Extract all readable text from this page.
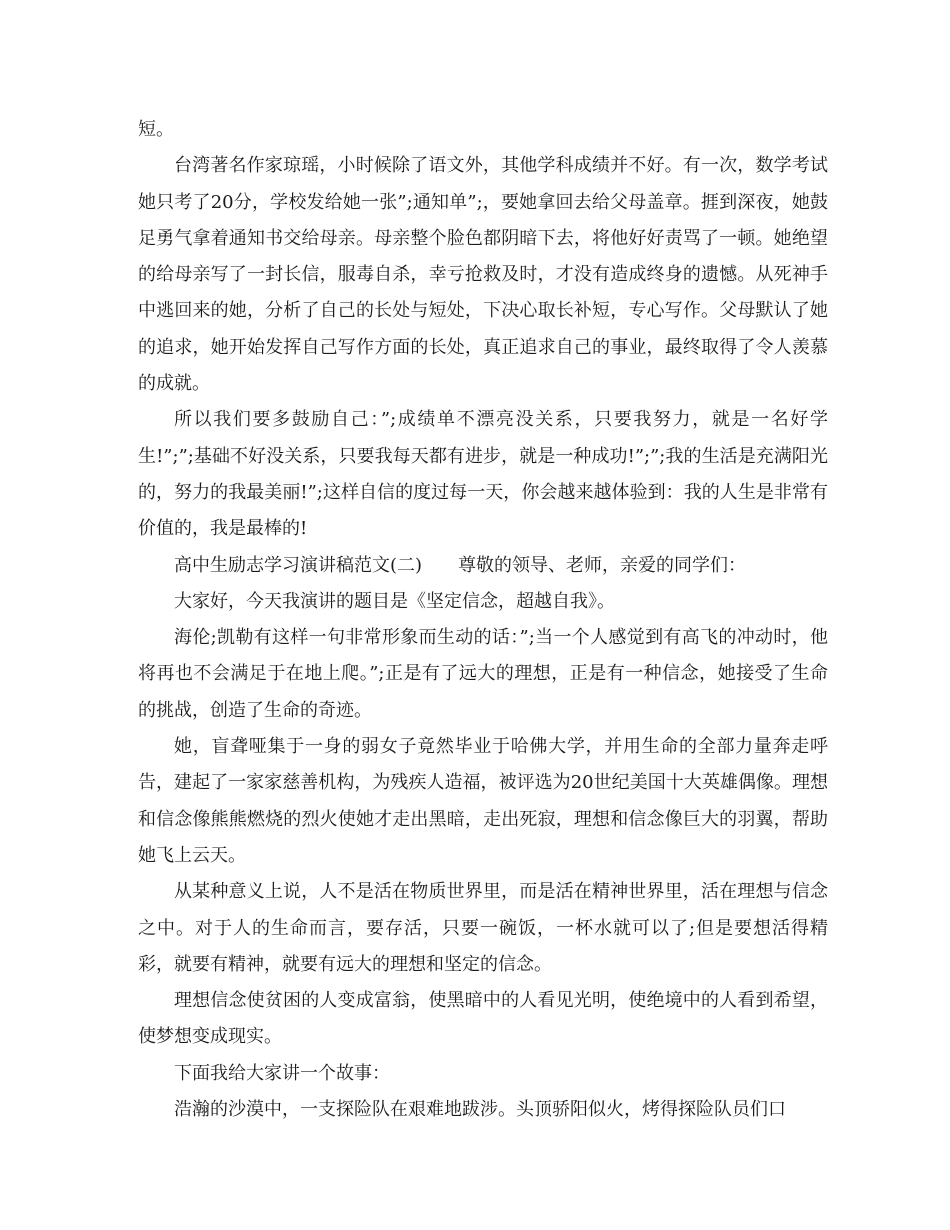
短。

台湾著名作家琼瑶，小时候除了语文外，其他学科成绩并不好。有一次，数学考试她只考了20分，学校发给她一张”;通知单”;，要她拿回去给父母盖章。捱到深夜，她鼓足勇气拿着通知书交给母亲。母亲整个脸色都阴暗下去，将他好好责骂了一顿。她绝望的给母亲写了一封长信，服毒自杀，幸亏抢救及时，才没有造成终身的遗憾。从死神手中逃回来的她，分析了自己的长处与短处，下决心取长补短，专心写作。父母默认了她的追求，她开始发挥自己写作方面的长处，真正追求自己的事业，最终取得了令人羡慕的成就。

所以我们要多鼓励自己：”;成绩单不漂亮没关系，只要我努力，就是一名好学生!”;”;基础不好没关系，只要我每天都有进步，就是一种成功!”;”;我的生活是充满阳光的，努力的我最美丽!”;这样自信的度过每一天，你会越来越体验到：我的人生是非常有价值的，我是最棒的!

高中生励志学习演讲稿范文(二)　　尊敬的领导、老师，亲爱的同学们：

大家好，今天我演讲的题目是《坚定信念，超越自我》。

海伦;凯勒有这样一句非常形象而生动的话：”;当一个人感觉到有高飞的冲动时，他将再也不会满足于在地上爬。”;正是有了远大的理想，正是有一种信念，她接受了生命的挑战，创造了生命的奇迹。

她，盲聋哑集于一身的弱女子竟然毕业于哈佛大学，并用生命的全部力量奔走呼告，建起了一家家慈善机构，为残疾人造福，被评选为20世纪美国十大英雄偶像。理想和信念像熊熊燃烧的烈火使她才走出黑暗，走出死寂，理想和信念像巨大的羽翼，帮助她飞上云天。

从某种意义上说，人不是活在物质世界里，而是活在精神世界里，活在理想与信念之中。对于人的生命而言，要存活，只要一碗饭，一杯水就可以了;但是要想活得精彩，就要有精神，就要有远大的理想和坚定的信念。

理想信念使贫困的人变成富翁，使黑暗中的人看见光明，使绝境中的人看到希望，使梦想变成现实。

下面我给大家讲一个故事：

浩瀚的沙漠中，一支探险队在艰难地跋涉。头顶骄阳似火，烤得探险队员们口
